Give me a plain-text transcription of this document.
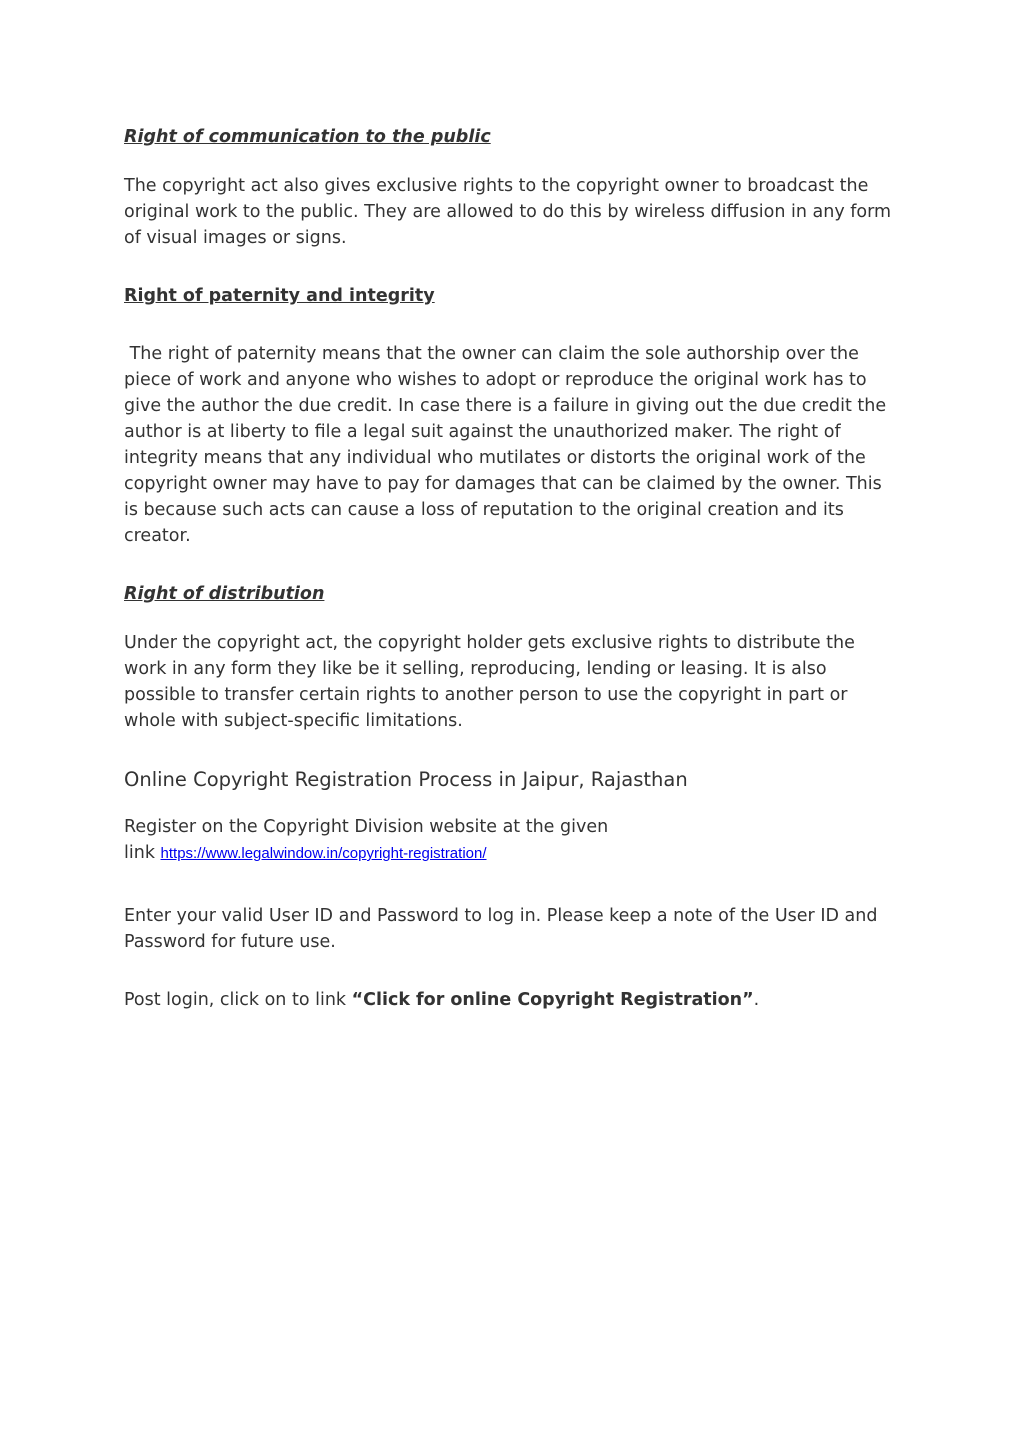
Right of communication to the public

The copyright act also gives exclusive rights to the copyright owner to broadcast the original work to the public. They are allowed to do this by wireless diffusion in any form of visual images or signs.

Right of paternity and integrity

The right of paternity means that the owner can claim the sole authorship over the piece of work and anyone who wishes to adopt or reproduce the original work has to give the author the due credit. In case there is a failure in giving out the due credit the author is at liberty to file a legal suit against the unauthorized maker. The right of integrity means that any individual who mutilates or distorts the original work of the copyright owner may have to pay for damages that can be claimed by the owner. This is because such acts can cause a loss of reputation to the original creation and its creator.

Right of distribution

Under the copyright act, the copyright holder gets exclusive rights to distribute the work in any form they like be it selling, reproducing, lending or leasing. It is also possible to transfer certain rights to another person to use the copyright in part or whole with subject-specific limitations.

Online Copyright Registration Process in Jaipur, Rajasthan

Register on the Copyright Division website at the given link https://www.legalwindow.in/copyright-registration/

Enter your valid User ID and Password to log in. Please keep a note of the User ID and Password for future use.

Post login, click on to link “Click for online Copyright Registration”.
